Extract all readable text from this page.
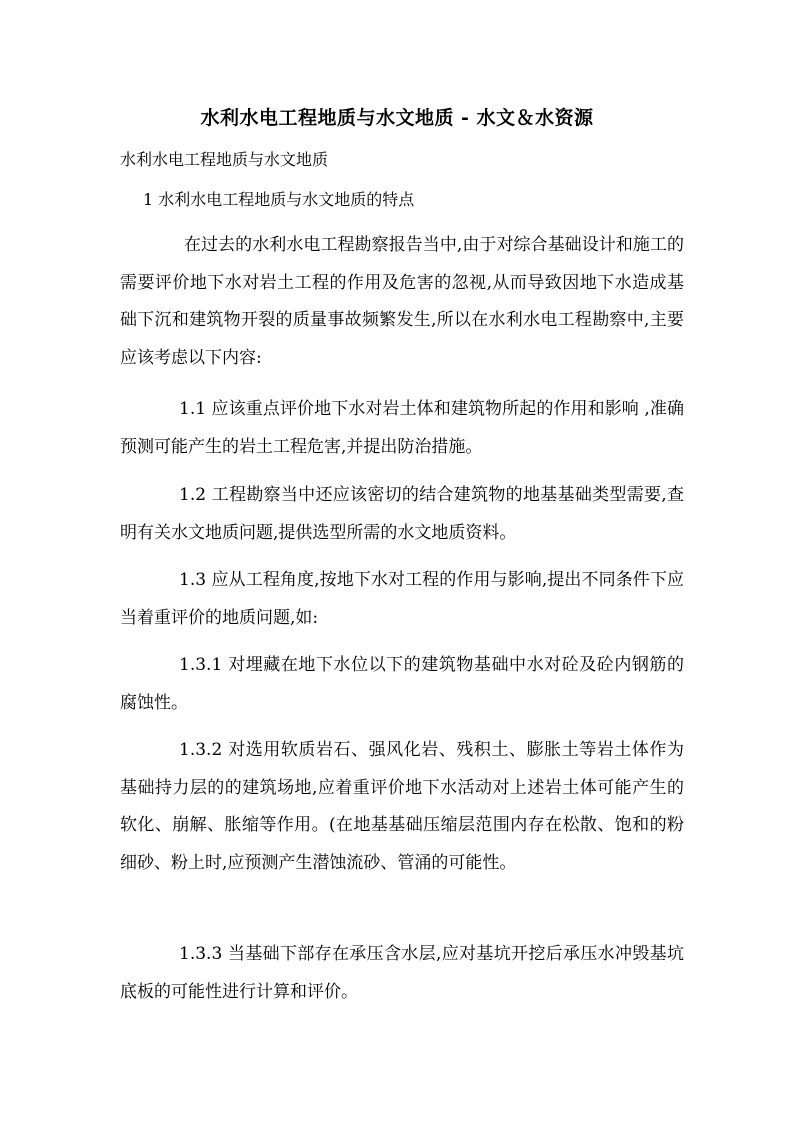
水利水电工程地质与水文地质 - 水文＆水资源
水利水电工程地质与水文地质
1 水利水电工程地质与水文地质的特点
在过去的水利水电工程勘察报告当中,由于对综合基础设计和施工的需要评价地下水对岩土工程的作用及危害的忽视,从而导致因地下水造成基础下沉和建筑物开裂的质量事故频繁发生,所以在水利水电工程勘察中,主要应该考虑以下内容:
1.1 应该重点评价地下水对岩土体和建筑物所起的作用和影响 ,准确预测可能产生的岩土工程危害,并提出防治措施。
1.2 工程勘察当中还应该密切的结合建筑物的地基基础类型需要,查明有关水文地质问题,提供选型所需的水文地质资料。
1.3 应从工程角度,按地下水对工程的作用与影响,提出不同条件下应当着重评价的地质问题,如:
1.3.1 对埋藏在地下水位以下的建筑物基础中水对砼及砼内钢筋的腐蚀性。
1.3.2 对选用软质岩石、强风化岩、残积土、膨胀土等岩土体作为基础持力层的的建筑场地,应着重评价地下水活动对上述岩土体可能产生的软化、崩解、胀缩等作用。(在地基基础压缩层范围内存在松散、饱和的粉细砂、粉上时,应预测产生潜蚀流砂、管涌的可能性。
1.3.3 当基础下部存在承压含水层,应对基坑开挖后承压水冲毁基坑底板的可能性进行计算和评价。
